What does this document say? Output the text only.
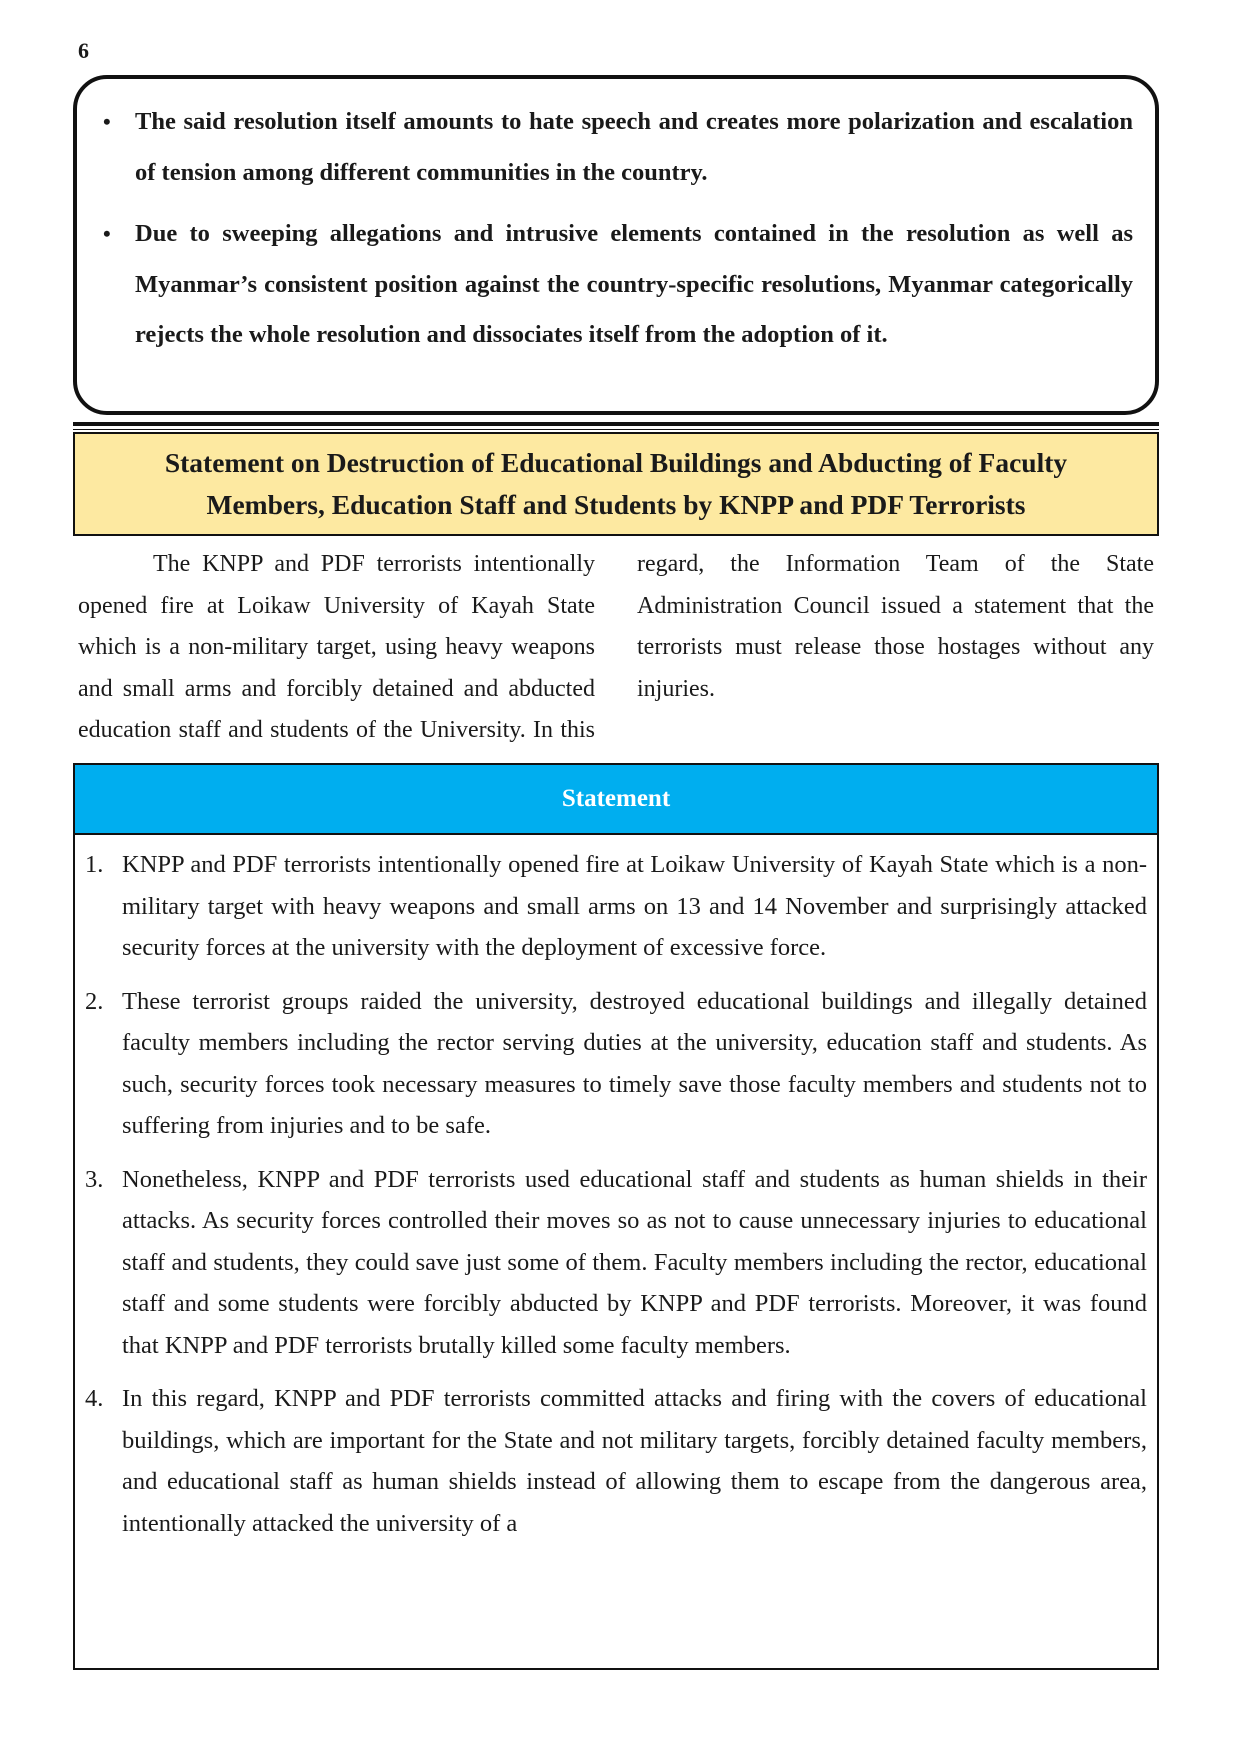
6
• The said resolution itself amounts to hate speech and creates more polarization and escalation of tension among different communities in the country.
• Due to sweeping allegations and intrusive elements contained in the resolution as well as Myanmar’s consistent position against the country-specific resolutions, Myanmar categorically rejects the whole resolution and dissociates itself from the adoption of it.
Statement on Destruction of Educational Buildings and Abducting of Faculty Members, Education Staff and Students by KNPP and PDF Terrorists

The KNPP and PDF terrorists intentionally opened fire at Loikaw University of Kayah State which is a non-military target, using heavy weapons and small arms and forcibly detained and abducted education staff and students of the University. In this regard, the Information Team of the State Administration Council issued a statement that the terrorists must release those hostages without any injuries.

Statement
1. KNPP and PDF terrorists intentionally opened fire at Loikaw University of Kayah State which is a non-military target with heavy weapons and small arms on 13 and 14 November and surprisingly attacked security forces at the university with the deployment of excessive force.
2. These terrorist groups raided the university, destroyed educational buildings and illegally detained faculty members including the rector serving duties at the university, education staff and students. As such, security forces took necessary measures to timely save those faculty members and students not to suffering from injuries and to be safe.
3. Nonetheless, KNPP and PDF terrorists used educational staff and students as human shields in their attacks. As security forces controlled their moves so as not to cause unnecessary injuries to educational staff and students, they could save just some of them. Faculty members including the rector, educational staff and some students were forcibly abducted by KNPP and PDF terrorists. Moreover, it was found that KNPP and PDF terrorists brutally killed some faculty members.
4. In this regard, KNPP and PDF terrorists committed attacks and firing with the covers of educational buildings, which are important for the State and not military targets, forcibly detained faculty members, and educational staff as human shields instead of allowing them to escape from the dangerous area, intentionally attacked the university of a
